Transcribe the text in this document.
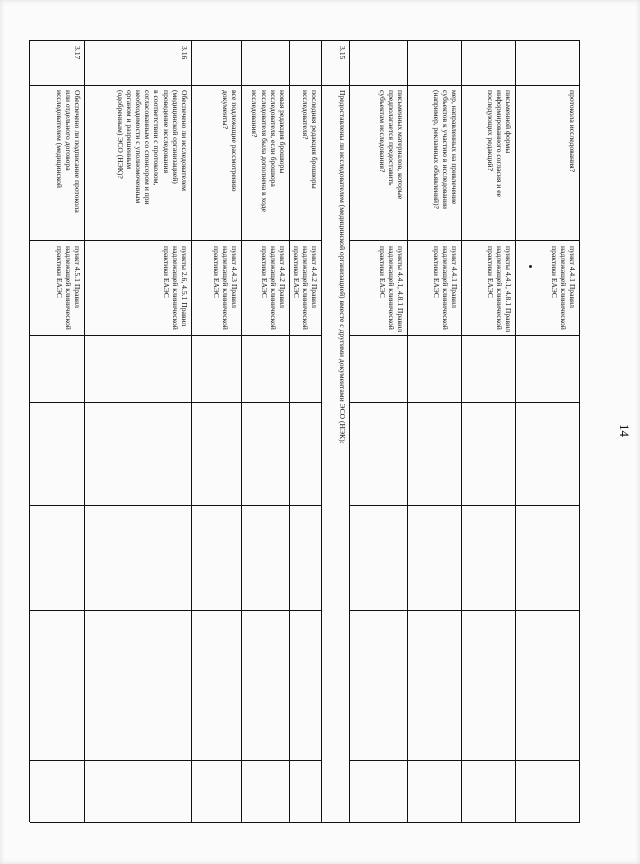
14
протокола исследования?
пункт 4.4.1 Правил
надлежащей клинической
практики ЕАЭС
письменной формы
информированного согласия и ее
последующих редакций?
пункты 4.4.1, 4.8.1 Правил
надлежащей клинической
практики ЕАЭС
мер, направленных на привлечение
субъектов к участию в исследовании
(например, рекламных объявлений)?
пункт 4.4.1 Правил
надлежащей клинической
практики ЕАЭС
письменных материалов, которые
предполагается предоставить
субъектам исследования?
пункты 4.4.1, 4.8.1 Правил
надлежащей клинической
практики ЕАЭС
3.15
Предоставлены ли исследователем (медицинской организацией) вместе с другими документами ЭСО (НЭК):
последняя редакция брошюры
исследователя?
пункт 4.4.2 Правил
надлежащей клинической
практики ЕАЭС
новая редакция брошюры
исследователя, если брошюра
исследователя была дополнена в ходе
исследования?
пункт 4.4.2 Правил
надлежащей клинической
практики ЕАЭС
все подлежащие рассмотрению
документы?
пункт 4.4.3 Правил
надлежащей клинической
практики ЕАЭС
3.16
Обеспечено ли исследователем
(медицинской организацией)
проведение исследования
в соответствии с протоколом,
согласованным со спонсором и при
необходимости с уполномоченным
органом и разрешенным
(одобренным) ЭСО (НЭК)?
пункты 2.6, 4.5.1 Правил
надлежащей клинической
практики ЕАЭС
3.17
Обеспечено ли подписание протокола
или отдельного договора
исследователем (медицинской
пункт 4.5.1 Правил
надлежащей клинической
практики ЕАЭС
